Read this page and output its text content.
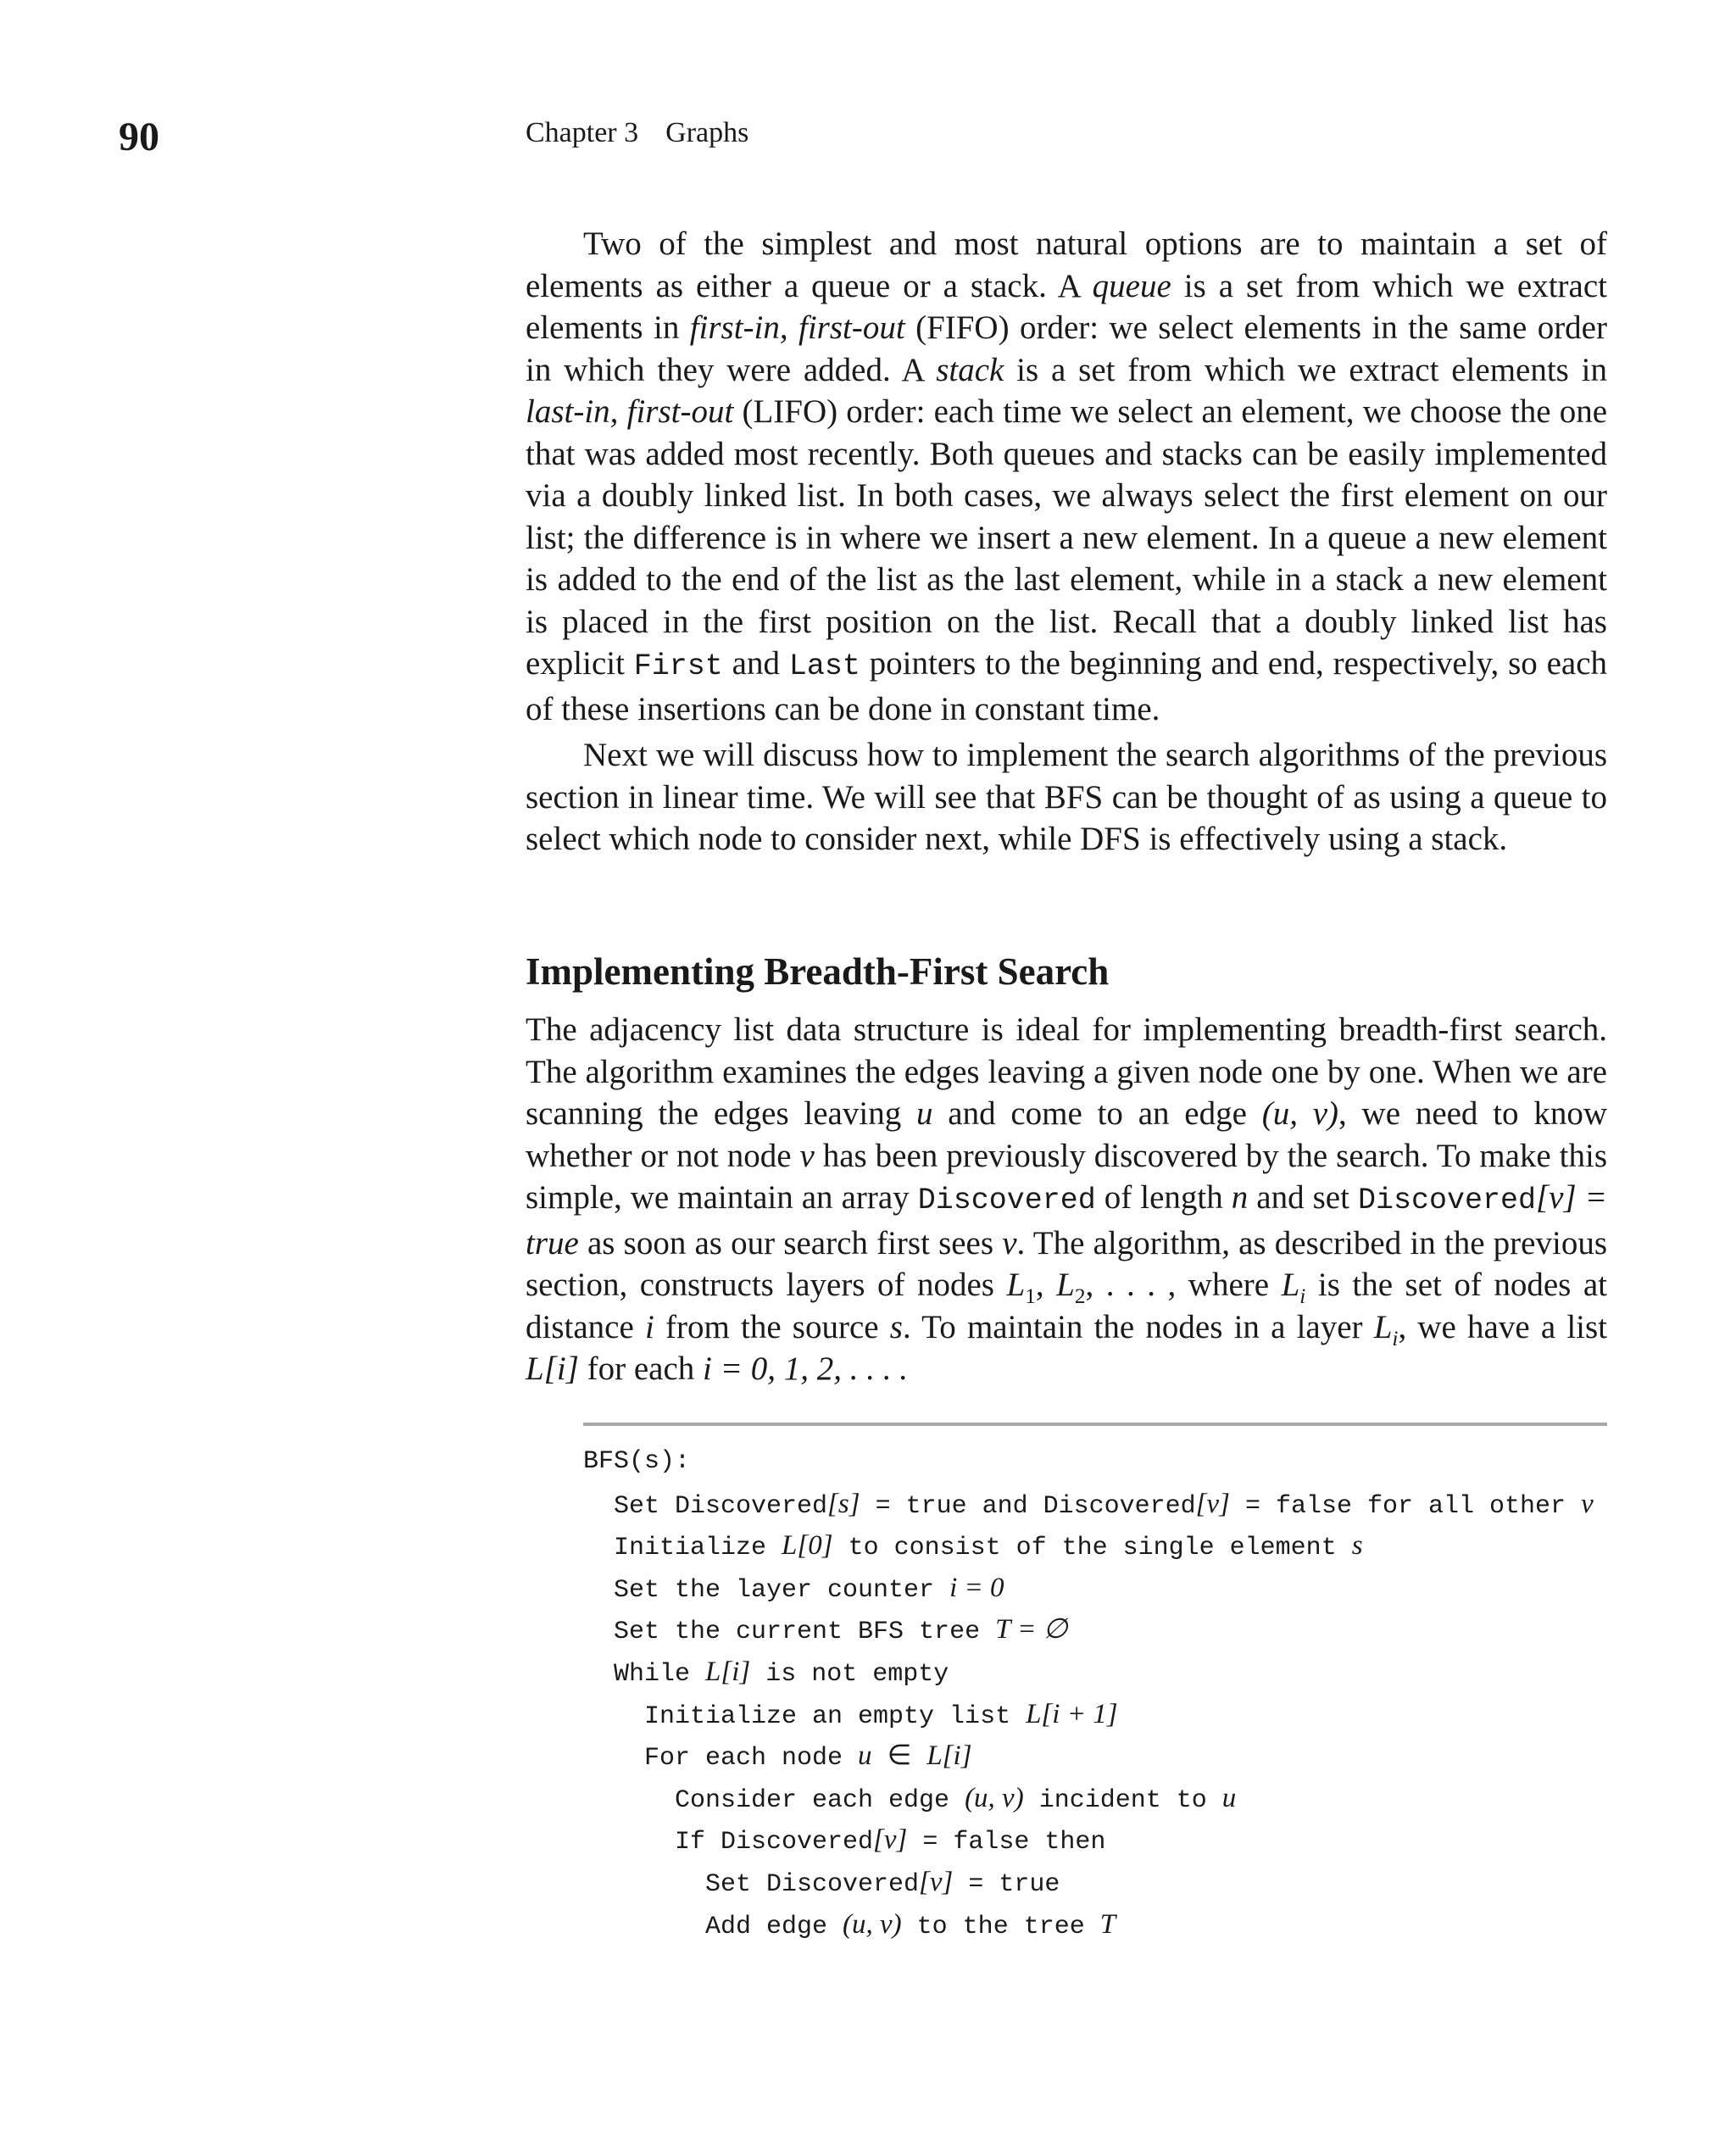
90	Chapter 3 Graphs

Two of the simplest and most natural options are to maintain a set of elements as either a queue or a stack. A queue is a set from which we extract elements in first-in, first-out (FIFO) order: we select elements in the same order in which they were added. A stack is a set from which we extract elements in last-in, first-out (LIFO) order: each time we select an element, we choose the one that was added most recently. Both queues and stacks can be easily implemented via a doubly linked list. In both cases, we always select the first element on our list; the difference is in where we insert a new element. In a queue a new element is added to the end of the list as the last element, while in a stack a new element is placed in the first position on the list. Recall that a doubly linked list has explicit First and Last pointers to the beginning and end, respectively, so each of these insertions can be done in constant time.

Next we will discuss how to implement the search algorithms of the previous section in linear time. We will see that BFS can be thought of as using a queue to select which node to consider next, while DFS is effectively using a stack.

Implementing Breadth-First Search

The adjacency list data structure is ideal for implementing breadth-first search. The algorithm examines the edges leaving a given node one by one. When we are scanning the edges leaving u and come to an edge (u, v), we need to know whether or not node v has been previously discovered by the search. To make this simple, we maintain an array Discovered of length n and set Discovered[v] = true as soon as our search first sees v. The algorithm, as described in the previous section, constructs layers of nodes $L_1$, $L_2$, . . . , where $L_i$ is the set of nodes at distance i from the source s. To maintain the nodes in a layer $L_i$, we have a list L[i] for each i = 0, 1, 2, . . . .

BFS(s):
Set Discovered[s] = true and Discovered[v] = false for all other v
Initialize L[0] to consist of the single element s
Set the layer counter i = 0
Set the current BFS tree T = ∅
While L[i] is not empty
Initialize an empty list L[i + 1]
For each node u ∈ L[i]
Consider each edge (u, v) incident to u
If Discovered[v] = false then
Set Discovered[v] = true
Add edge (u, v) to the tree T
